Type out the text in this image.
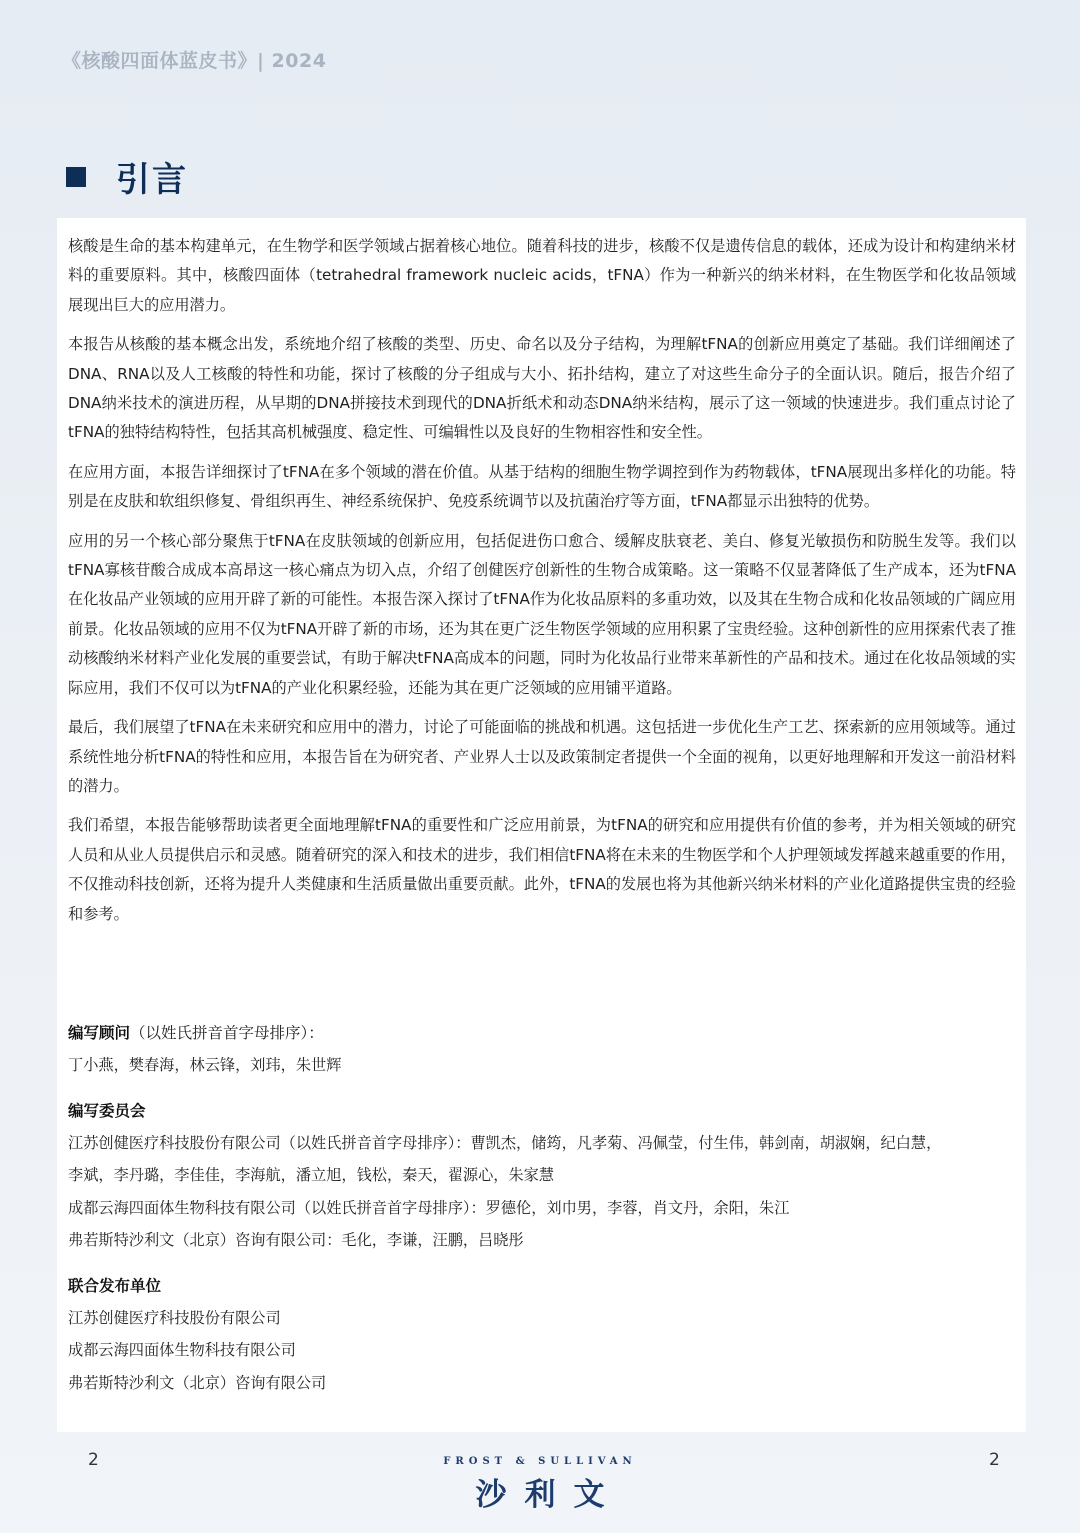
《核酸四面体蓝皮书》| 2024
引言

核酸是生命的基本构建单元，在生物学和医学领域占据着核心地位。随着科技的进步，核酸不仅是遗传信息的载体，还成为设计和构建纳米材料的重要原料。其中，核酸四面体（tetrahedral framework nucleic acids，tFNA）作为一种新兴的纳米材料，在生物医学和化妆品领域展现出巨大的应用潜力。

本报告从核酸的基本概念出发，系统地介绍了核酸的类型、历史、命名以及分子结构，为理解tFNA的创新应用奠定了基础。我们详细阐述了DNA、RNA以及人工核酸的特性和功能，探讨了核酸的分子组成与大小、拓扑结构，建立了对这些生命分子的全面认识。随后，报告介绍了DNA纳米技术的演进历程，从早期的DNA拼接技术到现代的DNA折纸术和动态DNA纳米结构，展示了这一领域的快速进步。我们重点讨论了tFNA的独特结构特性，包括其高机械强度、稳定性、可编辑性以及良好的生物相容性和安全性。

在应用方面，本报告详细探讨了tFNA在多个领域的潜在价值。从基于结构的细胞生物学调控到作为药物载体，tFNA展现出多样化的功能。特别是在皮肤和软组织修复、骨组织再生、神经系统保护、免疫系统调节以及抗菌治疗等方面，tFNA都显示出独特的优势。

应用的另一个核心部分聚焦于tFNA在皮肤领域的创新应用，包括促进伤口愈合、缓解皮肤衰老、美白、修复光敏损伤和防脱生发等。我们以tFNA寡核苷酸合成成本高昂这一核心痛点为切入点，介绍了创健医疗创新性的生物合成策略。这一策略不仅显著降低了生产成本，还为tFNA在化妆品产业领域的应用开辟了新的可能性。本报告深入探讨了tFNA作为化妆品原料的多重功效，以及其在生物合成和化妆品领域的广阔应用前景。化妆品领域的应用不仅为tFNA开辟了新的市场，还为其在更广泛生物医学领域的应用积累了宝贵经验。这种创新性的应用探索代表了推动核酸纳米材料产业化发展的重要尝试，有助于解决tFNA高成本的问题，同时为化妆品行业带来革新性的产品和技术。通过在化妆品领域的实际应用，我们不仅可以为tFNA的产业化积累经验，还能为其在更广泛领域的应用铺平道路。

最后，我们展望了tFNA在未来研究和应用中的潜力，讨论了可能面临的挑战和机遇。这包括进一步优化生产工艺、探索新的应用领域等。通过系统性地分析tFNA的特性和应用，本报告旨在为研究者、产业界人士以及政策制定者提供一个全面的视角，以更好地理解和开发这一前沿材料的潜力。

我们希望，本报告能够帮助读者更全面地理解tFNA的重要性和广泛应用前景，为tFNA的研究和应用提供有价值的参考，并为相关领域的研究人员和从业人员提供启示和灵感。随着研究的深入和技术的进步，我们相信tFNA将在未来的生物医学和个人护理领域发挥越来越重要的作用，不仅推动科技创新，还将为提升人类健康和生活质量做出重要贡献。此外，tFNA的发展也将为其他新兴纳米材料的产业化道路提供宝贵的经验和参考。

编写顾问（以姓氏拼音首字母排序）：
丁小燕，樊春海，林云锋，刘玮，朱世辉
编写委员会
江苏创健医疗科技股份有限公司（以姓氏拼音首字母排序）：曹凯杰，储筠，凡孝菊、冯佩莹，付生伟，韩剑南，胡淑娴，纪白慧，
李斌，李丹璐，李佳佳，李海航，潘立旭，钱松，秦天，翟源心，朱家慧
成都云海四面体生物科技有限公司（以姓氏拼音首字母排序）：罗德伦，刘巾男，李蓉，肖文丹，余阳，朱江
弗若斯特沙利文（北京）咨询有限公司：毛化，李谦，汪鹏，吕晓彤
联合发布单位
江苏创健医疗科技股份有限公司
成都云海四面体生物科技有限公司
弗若斯特沙利文（北京）咨询有限公司
2	2
FROST & SULLIVAN
沙利文
